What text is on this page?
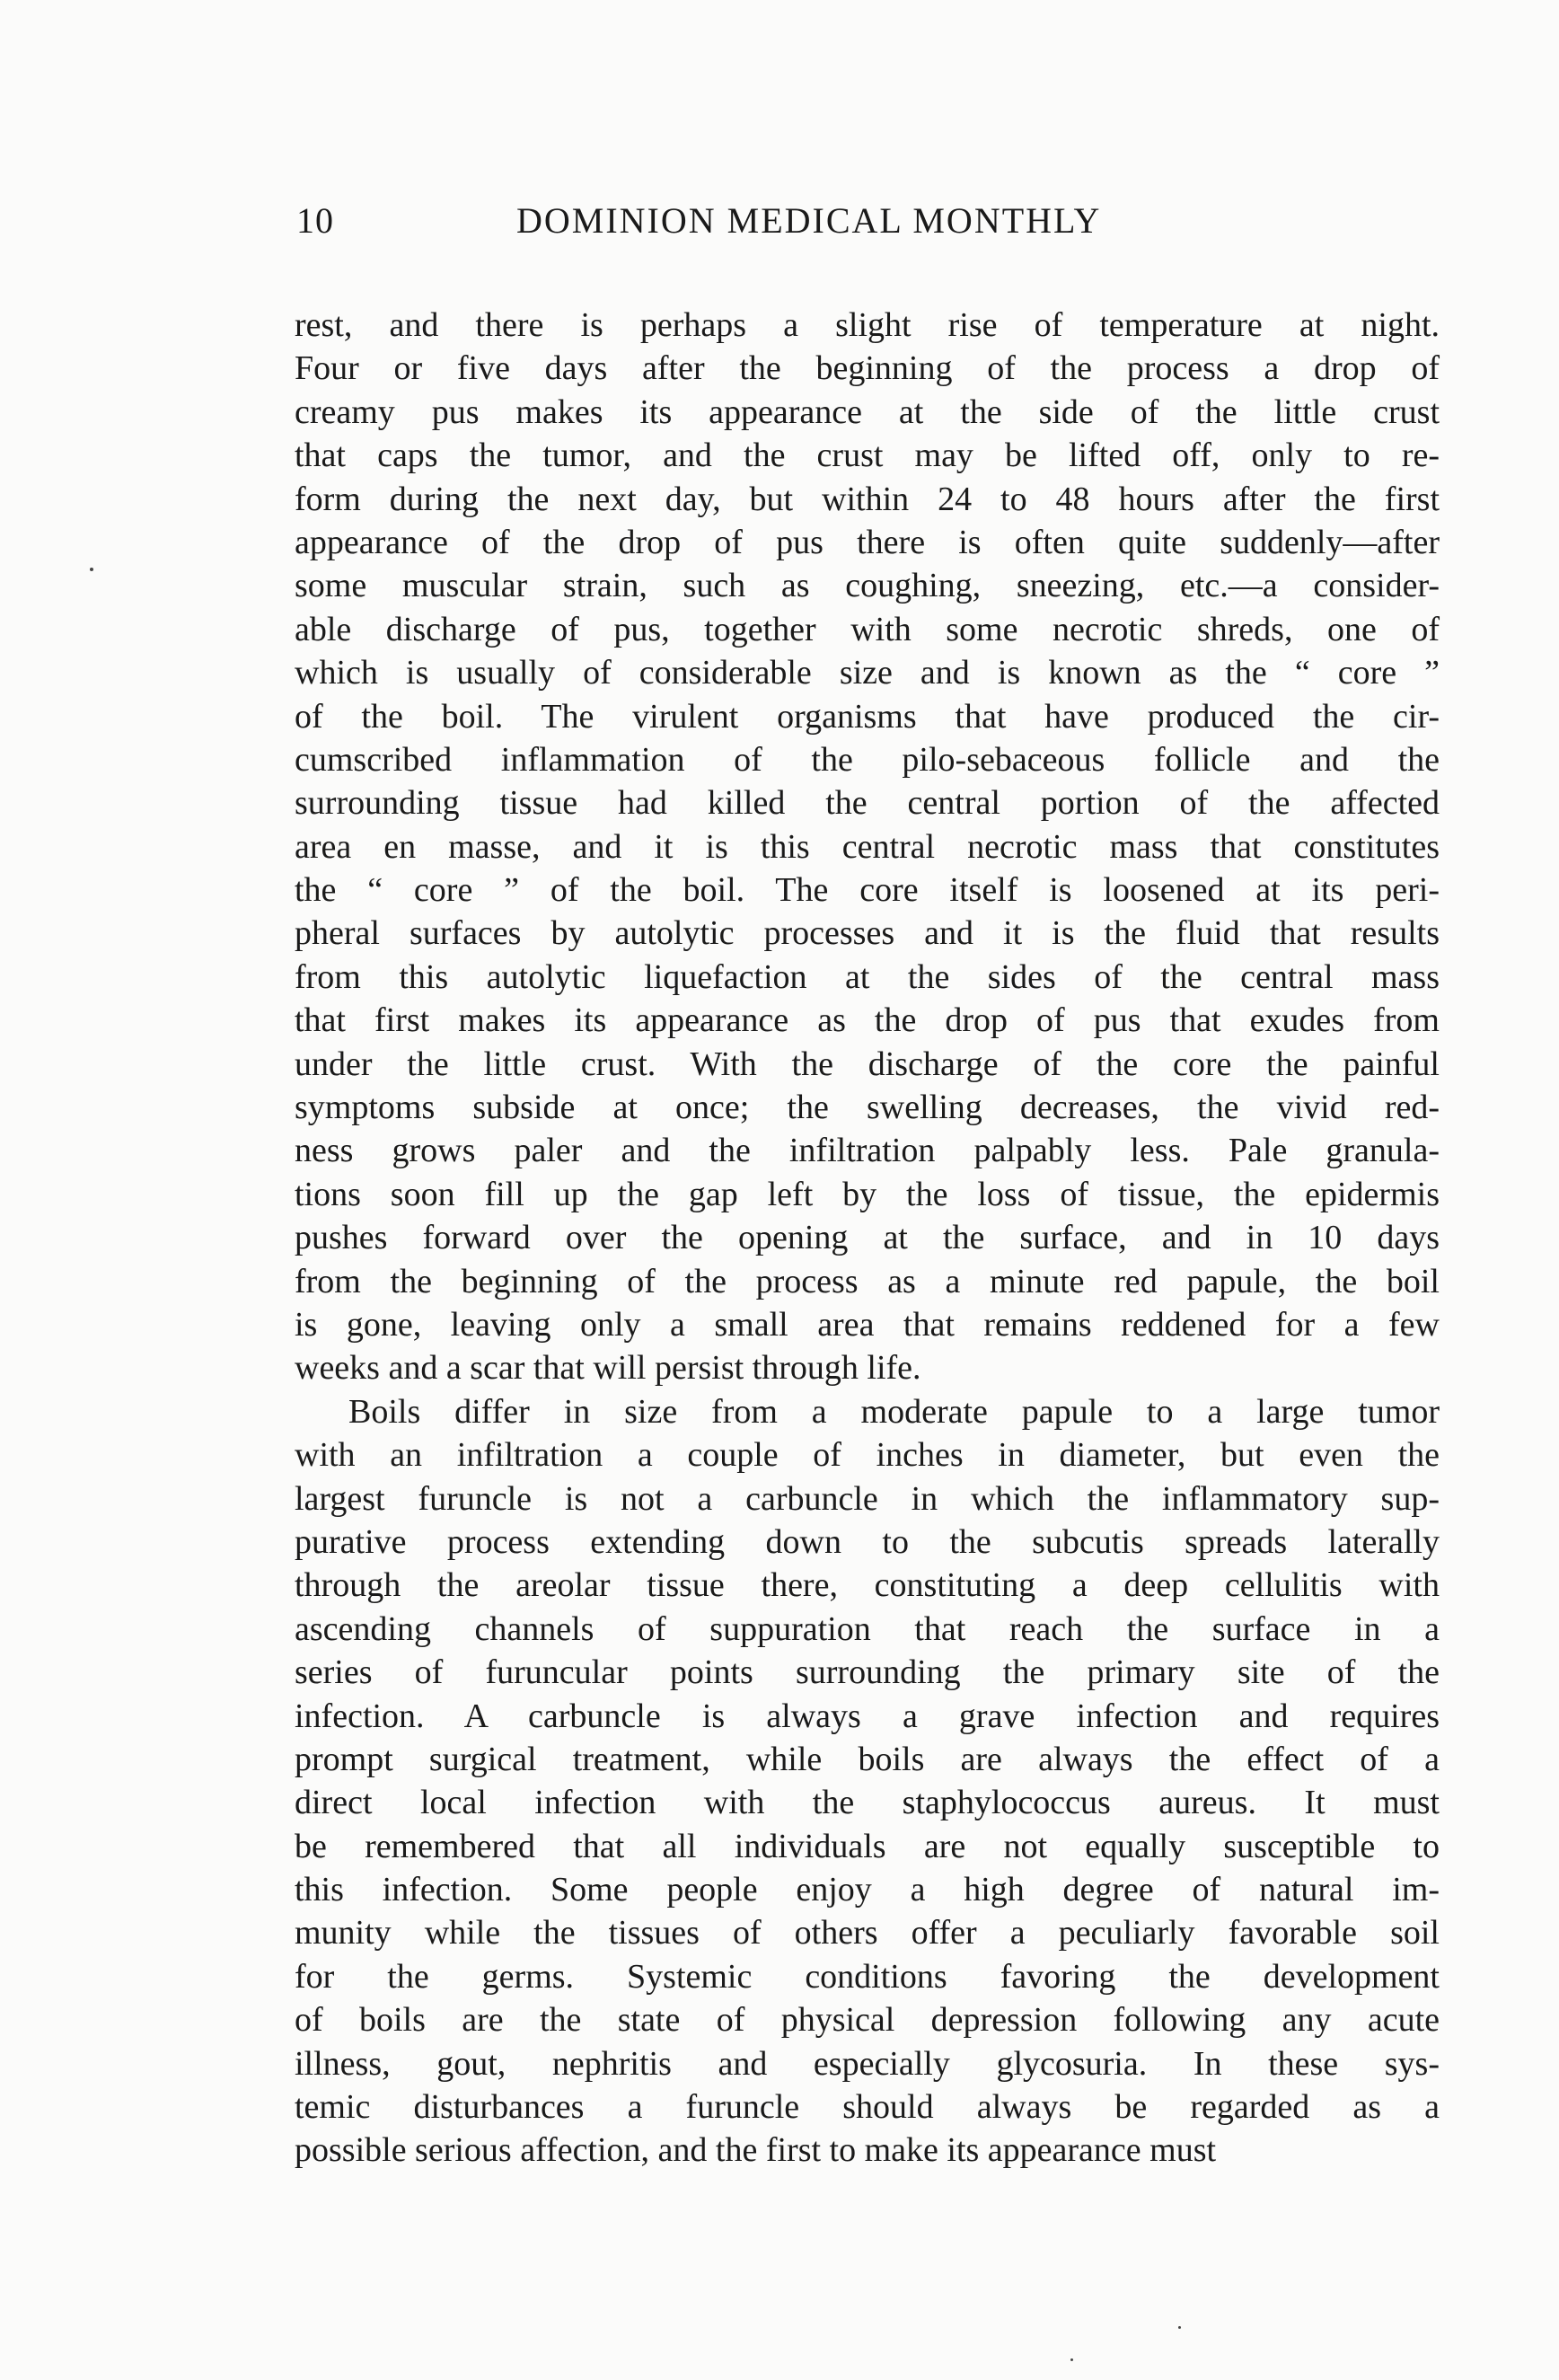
10	DOMINION MEDICAL MONTHLY
rest, and there is perhaps a slight rise of temperature at night.
Four or five days after the beginning of the process a drop of
creamy pus makes its appearance at the side of the little crust
that caps the tumor, and the crust may be lifted off, only to re-
form during the next day, but within 24 to 48 hours after the first
appearance of the drop of pus there is often quite suddenly—after
some muscular strain, such as coughing, sneezing, etc.—a consider-
able discharge of pus, together with some necrotic shreds, one of
which is usually of considerable size and is known as the “ core ”
of the boil. The virulent organisms that have produced the cir-
cumscribed inflammation of the pilo-sebaceous follicle and the
surrounding tissue had killed the central portion of the affected
area en masse, and it is this central necrotic mass that constitutes
the “ core ” of the boil. The core itself is loosened at its peri-
pheral surfaces by autolytic processes and it is the fluid that results
from this autolytic liquefaction at the sides of the central mass
that first makes its appearance as the drop of pus that exudes from
under the little crust. With the discharge of the core the painful
symptoms subside at once; the swelling decreases, the vivid red-
ness grows paler and the infiltration palpably less. Pale granula-
tions soon fill up the gap left by the loss of tissue, the epidermis
pushes forward over the opening at the surface, and in 10 days
from the beginning of the process as a minute red papule, the boil
is gone, leaving only a small area that remains reddened for a few
weeks and a scar that will persist through life.
Boils differ in size from a moderate papule to a large tumor
with an infiltration a couple of inches in diameter, but even the
largest furuncle is not a carbuncle in which the inflammatory sup-
purative process extending down to the subcutis spreads laterally
through the areolar tissue there, constituting a deep cellulitis with
ascending channels of suppuration that reach the surface in a
series of furuncular points surrounding the primary site of the
infection. A carbuncle is always a grave infection and requires
prompt surgical treatment, while boils are always the effect of a
direct local infection with the staphylococcus aureus. It must
be remembered that all individuals are not equally susceptible to
this infection. Some people enjoy a high degree of natural im-
munity while the tissues of others offer a peculiarly favorable soil
for the germs. Systemic conditions favoring the development
of boils are the state of physical depression following any acute
illness, gout, nephritis and especially glycosuria. In these sys-
temic disturbances a furuncle should always be regarded as a
possible serious affection, and the first to make its appearance must
